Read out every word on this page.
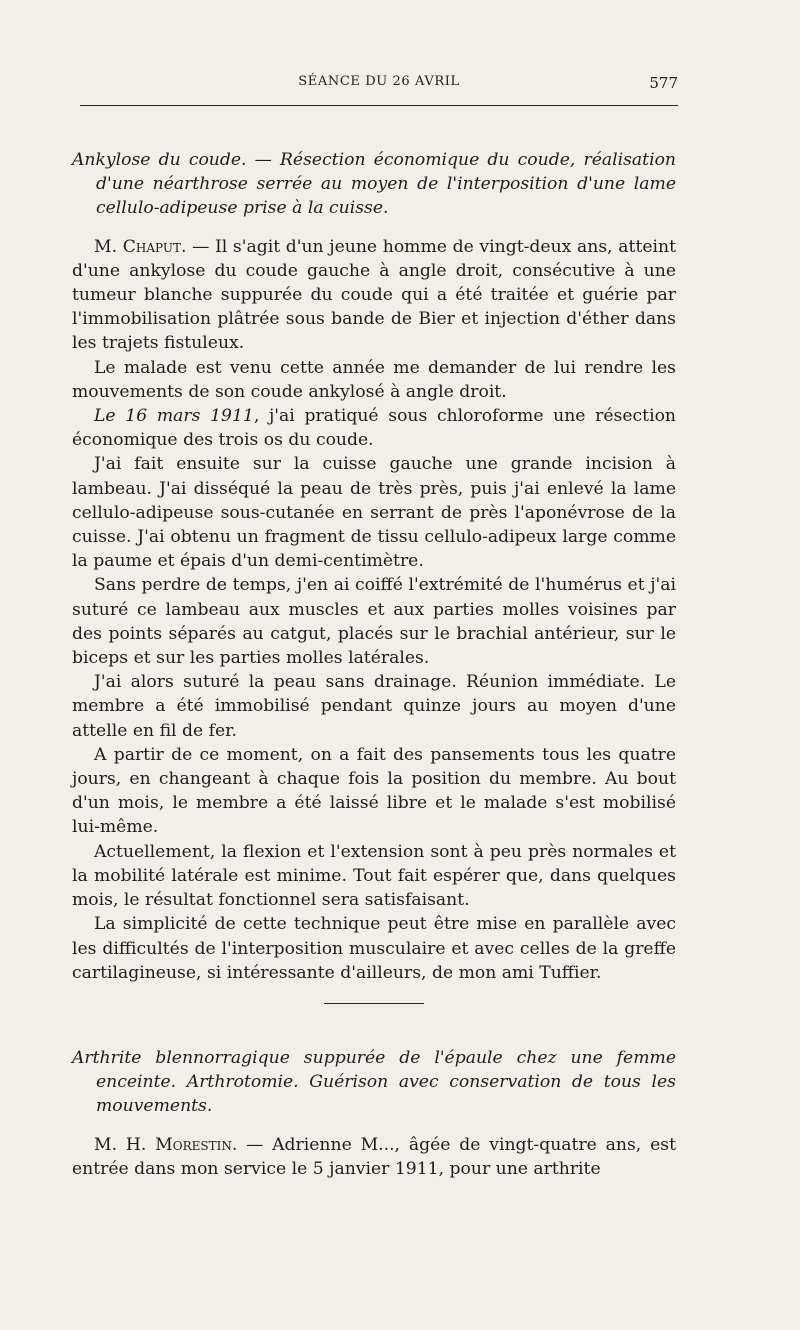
SÉANCE DU 26 AVRIL	577
Ankylose du coude. — Résection économique du coude, réalisation d'une néarthrose serrée au moyen de l'interposition d'une lame cellulo-adipeuse prise à la cuisse.

M. Chaput. — Il s'agit d'un jeune homme de vingt-deux ans, atteint d'une ankylose du coude gauche à angle droit, consécutive à une tumeur blanche suppurée du coude qui a été traitée et guérie par l'immobilisation plâtrée sous bande de Bier et injection d'éther dans les trajets fistuleux.

Le malade est venu cette année me demander de lui rendre les mouvements de son coude ankylosé à angle droit.

Le 16 mars 1911, j'ai pratiqué sous chloroforme une résection économique des trois os du coude.

J'ai fait ensuite sur la cuisse gauche une grande incision à lambeau. J'ai disséqué la peau de très près, puis j'ai enlevé la lame cellulo-adipeuse sous-cutanée en serrant de près l'aponévrose de la cuisse. J'ai obtenu un fragment de tissu cellulo-adipeux large comme la paume et épais d'un demi-centimètre.

Sans perdre de temps, j'en ai coiffé l'extrémité de l'humérus et j'ai suturé ce lambeau aux muscles et aux parties molles voisines par des points séparés au catgut, placés sur le brachial antérieur, sur le biceps et sur les parties molles latérales.

J'ai alors suturé la peau sans drainage. Réunion immédiate. Le membre a été immobilisé pendant quinze jours au moyen d'une attelle en fil de fer.

A partir de ce moment, on a fait des pansements tous les quatre jours, en changeant à chaque fois la position du membre. Au bout d'un mois, le membre a été laissé libre et le malade s'est mobilisé lui-même.

Actuellement, la flexion et l'extension sont à peu près normales et la mobilité latérale est minime. Tout fait espérer que, dans quelques mois, le résultat fonctionnel sera satisfaisant.

La simplicité de cette technique peut être mise en parallèle avec les difficultés de l'interposition musculaire et avec celles de la greffe cartilagineuse, si intéressante d'ailleurs, de mon ami Tuffier.

Arthrite blennorragique suppurée de l'épaule chez une femme enceinte. Arthrotomie. Guérison avec conservation de tous les mouvements.

M. H. Morestin. — Adrienne M..., âgée de vingt-quatre ans, est entrée dans mon service le 5 janvier 1911, pour une arthrite
